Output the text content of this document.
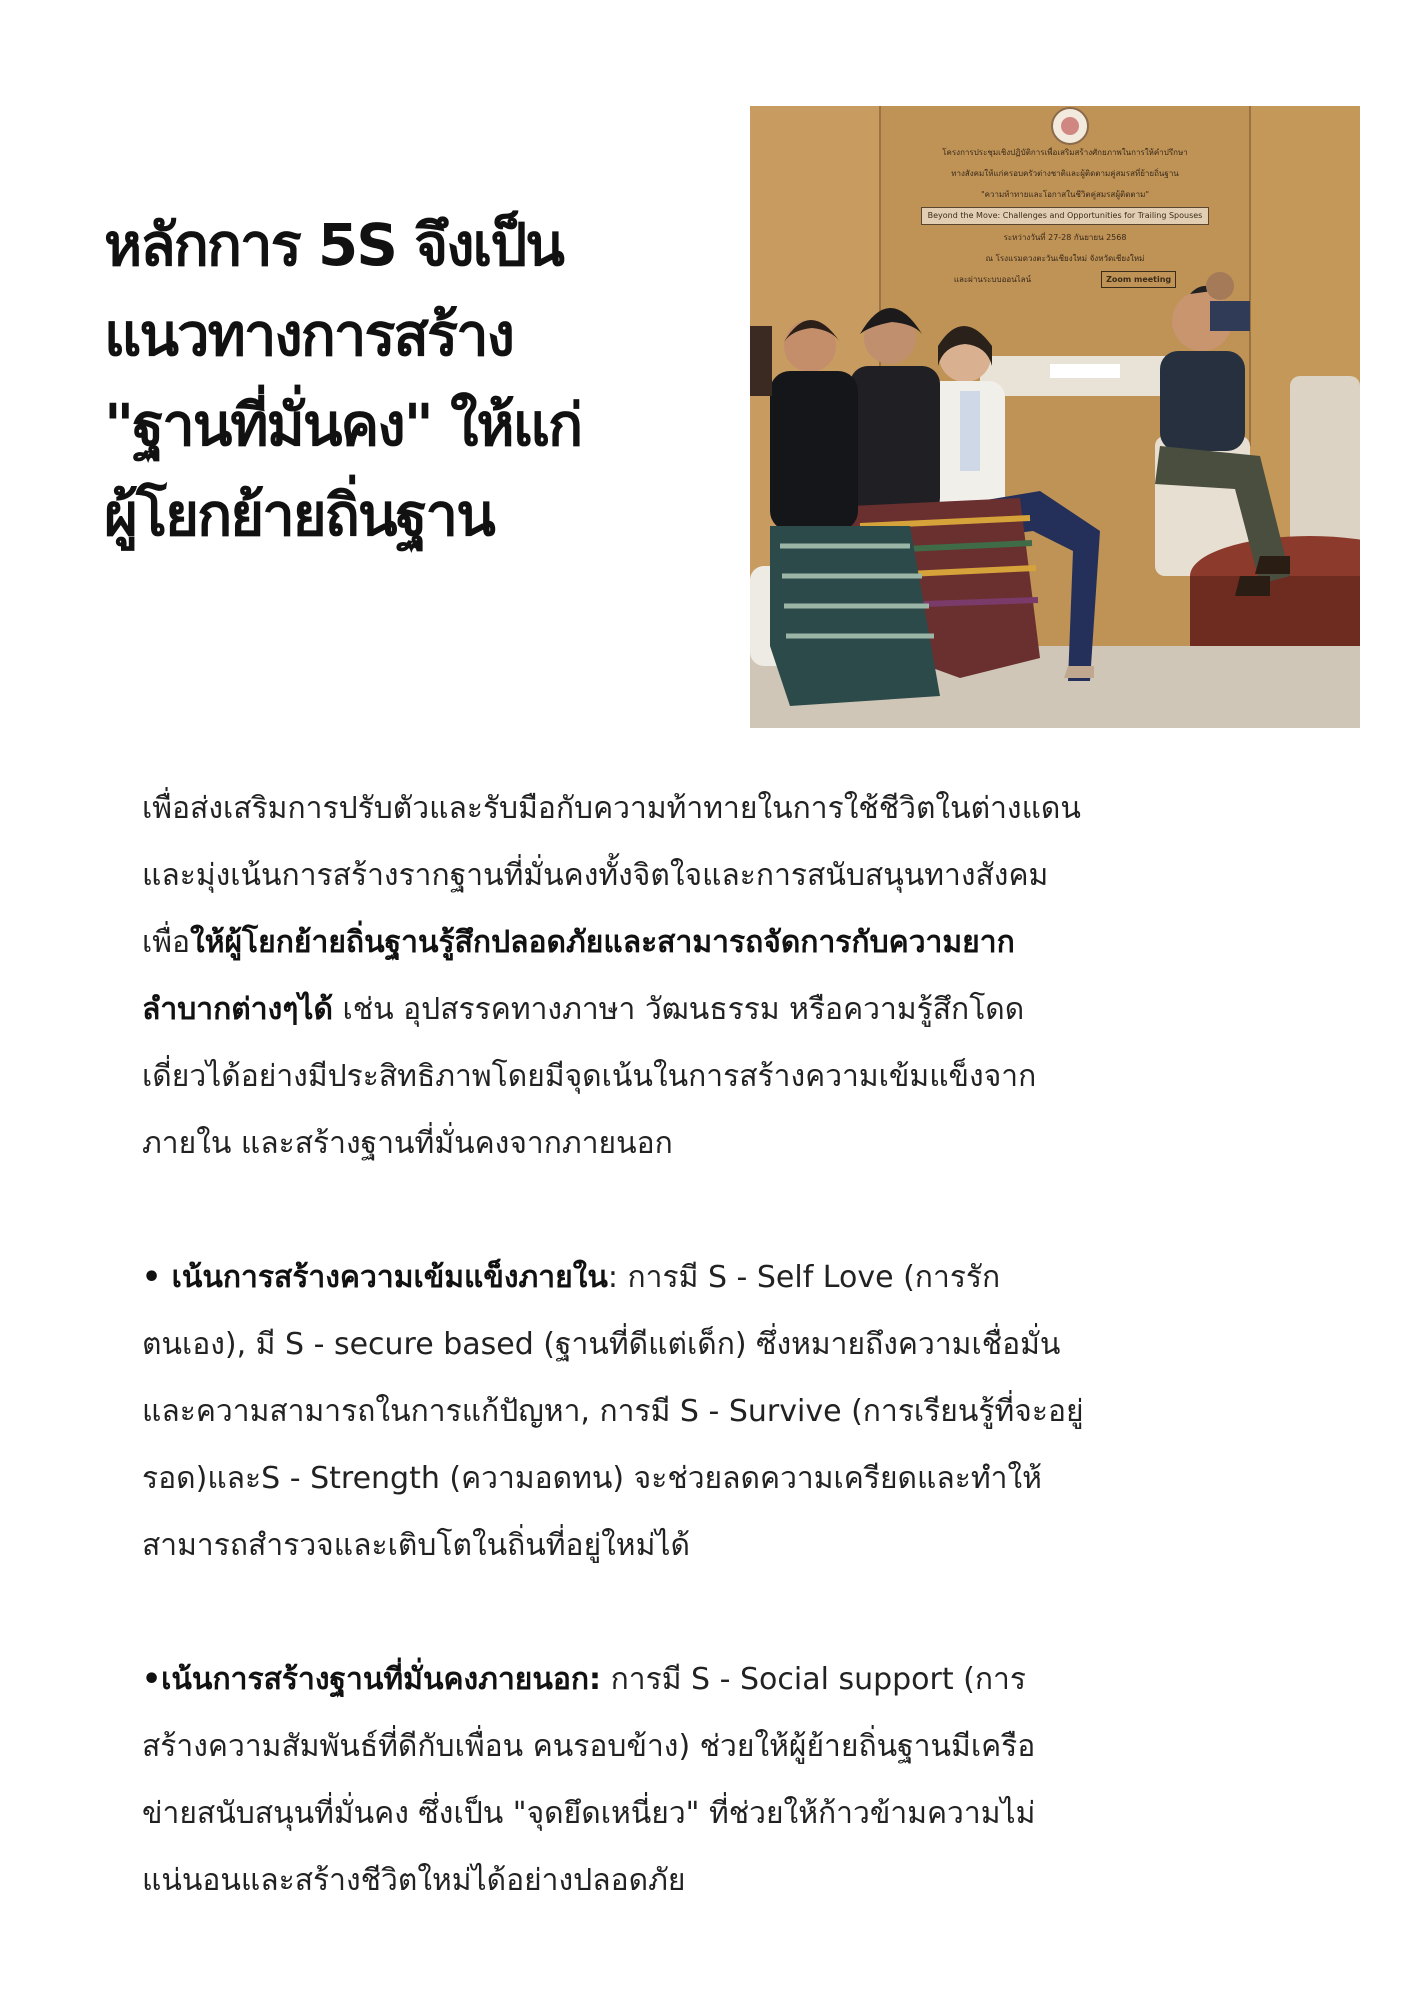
หลักการ 5S จึงเป็น
แนวทางการสร้าง
"ฐานที่มั่นคง" ให้แก่
ผู้โยกย้ายถิ่นฐาน
โครงการประชุมเชิงปฏิบัติการเพื่อเสริมสร้างศักยภาพในการให้คำปรึกษา
ทางสังคมให้แก่ครอบครัวต่างชาติและผู้ติดตามคู่สมรสที่ย้ายถิ่นฐาน
"ความท้าทายและโอกาสในชีวิตคู่สมรสผู้ติดตาม"
Beyond the Move: Challenges and Opportunities for Trailing Spouses
ระหว่างวันที่ 27-28 กันยายน 2568
ณ โรงแรมดวงตะวันเชียงใหม่ จังหวัดเชียงใหม่
และผ่านระบบออนไลน์	Zoom meeting
เพื่อส่งเสริมการปรับตัวและรับมือกับความท้าทายในการใช้ชีวิตในต่างแดน
และมุ่งเน้นการสร้างรากฐานที่มั่นคงทั้งจิตใจและการสนับสนุนทางสังคม
เพื่อให้ผู้โยกย้ายถิ่นฐานรู้สึกปลอดภัยและสามารถจัดการกับความยาก
ลำบากต่างๆได้ เช่น อุปสรรคทางภาษา วัฒนธรรม หรือความรู้สึกโดด
เดี่ยวได้อย่างมีประสิทธิภาพโดยมีจุดเน้นในการสร้างความเข้มแข็งจาก
ภายใน และสร้างฐานที่มั่นคงจากภายนอก
• เน้นการสร้างความเข้มแข็งภายใน: การมี S - Self Love (การรัก
ตนเอง), มี S - secure based (ฐานที่ดีแต่เด็ก) ซึ่งหมายถึงความเชื่อมั่น
และความสามารถในการแก้ปัญหา, การมี S - Survive (การเรียนรู้ที่จะอยู่
รอด)และS - Strength (ความอดทน) จะช่วยลดความเครียดและทำให้
สามารถสำรวจและเติบโตในถิ่นที่อยู่ใหม่ได้
•เน้นการสร้างฐานที่มั่นคงภายนอก: การมี S - Social support (การ
สร้างความสัมพันธ์ที่ดีกับเพื่อน คนรอบข้าง) ช่วยให้ผู้ย้ายถิ่นฐานมีเครือ
ข่ายสนับสนุนที่มั่นคง ซึ่งเป็น "จุดยึดเหนี่ยว" ที่ช่วยให้ก้าวข้ามความไม่
แน่นอนและสร้างชีวิตใหม่ได้อย่างปลอดภัย
